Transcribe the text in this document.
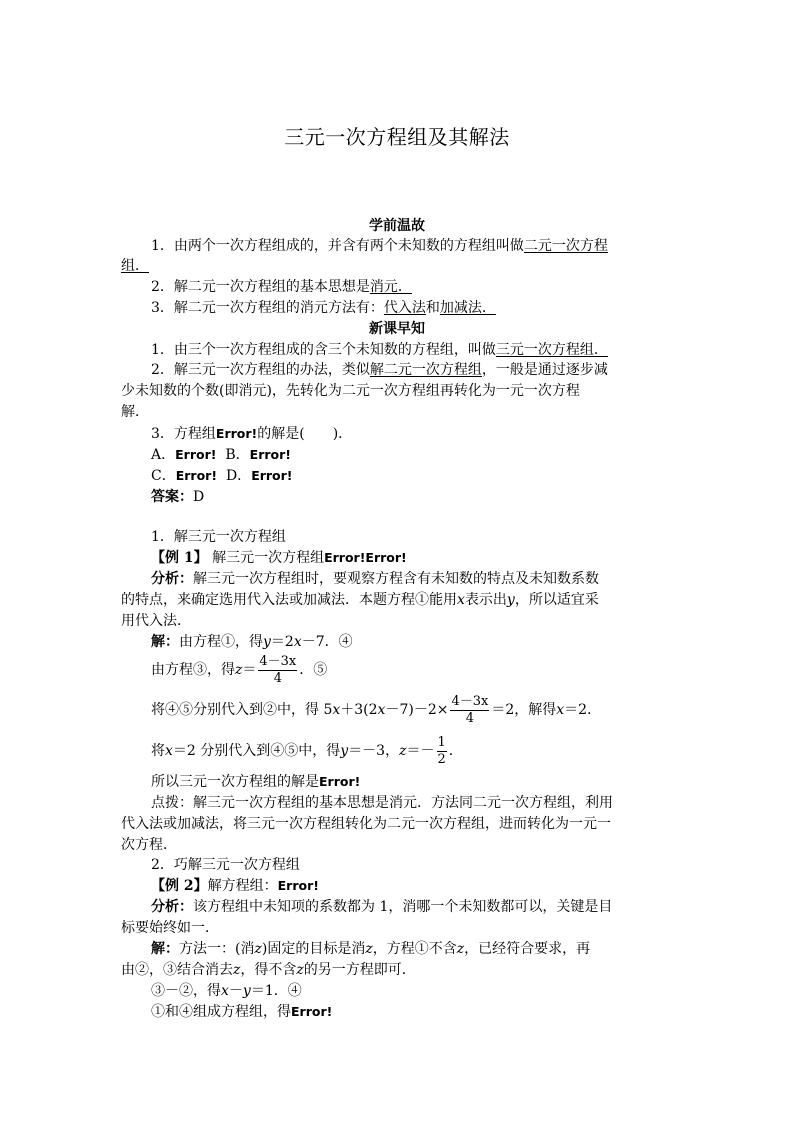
三元一次方程组及其解法
学前温故
1．由两个一次方程组成的，并含有两个未知数的方程组叫做二元一次方程
组．
2．解二元一次方程组的基本思想是消元．
3．解二元一次方程组的消元方法有：代入法和加减法．
新课早知
1．由三个一次方程组成的含三个未知数的方程组，叫做三元一次方程组．
2．解三元一次方程组的办法，类似解二元一次方程组，一般是通过逐步减
少未知数的个数(即消元)，先转化为二元一次方程组再转化为一元一次方程
解．
3．方程组Error!的解是(　　)．
A．Error! B．Error!
C．Error! D．Error!
答案：D
1．解三元一次方程组
【例 1】 解三元一次方程组Error!Error!
分析：解三元一次方程组时，要观察方程含有未知数的特点及未知数系数
的特点，来确定选用代入法或加减法．本题方程①能用x表示出y，所以适宜采
用代入法．
解：由方程①，得y＝2x－7．④
由方程③，得$z= \frac{4-3x}{4}$ ．⑤
将④⑤分别代入到②中，得 $5x+3(2x-7)-2\times \frac{4-3x}{4} =2$，解得x＝2．
将x＝2 分别代入到④⑤中，得y＝－3，$z=- \frac{1}{2}$ ．
所以三元一次方程组的解是Error!
点拨：解三元一次方程组的基本思想是消元．方法同二元一次方程组，利用
代入法或加减法，将三元一次方程组转化为二元一次方程组，进而转化为一元一
次方程．
2．巧解三元一次方程组
【例 2】解方程组：Error!
分析：该方程组中未知项的系数都为 1，消哪一个未知数都可以，关键是目
标要始终如一．
解：方法一：(消z)固定的目标是消z，方程①不含z，已经符合要求，再
由②，③结合消去z，得不含z的另一方程即可．
③－②，得x－y＝1．④
①和④组成方程组，得Error!
